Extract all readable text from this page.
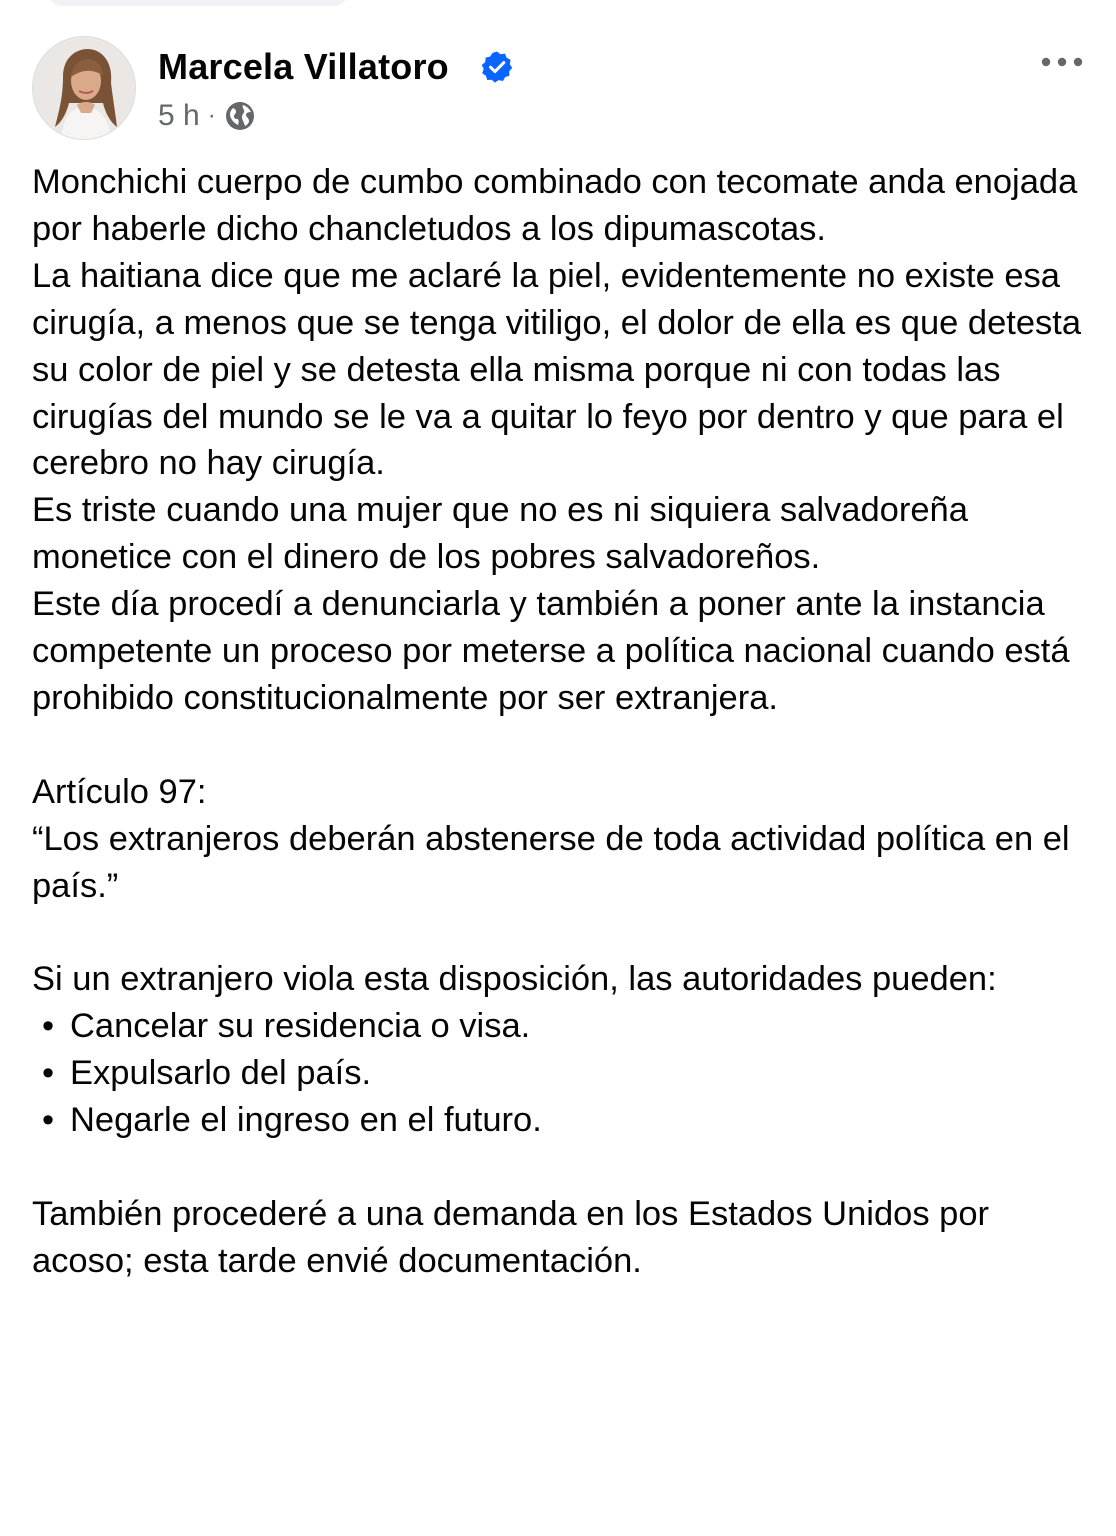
Marcela Villatoro
5 h ·

Monchichi cuerpo de cumbo combinado con tecomate anda enojada por haberle dicho chancletudos a los dipumascotas.

La haitiana dice que me aclaré la piel, evidentemente no existe esa cirugía, a menos que se tenga vitiligo, el dolor de ella es que detesta su color de piel y se detesta ella misma porque ni con todas las cirugías del mundo se le va a quitar lo feyo por dentro y que para el cerebro no hay cirugía.

Es triste cuando una mujer que no es ni siquiera salvadoreña monetice con el dinero de los pobres salvadoreños.

Este día procedí a denunciarla y también a poner ante la instancia competente un proceso por meterse a política nacional cuando está prohibido constitucionalmente por ser extranjera.

Artículo 97:

“Los extranjeros deberán abstenerse de toda actividad política en el país.”

Si un extranjero viola esta disposición, las autoridades pueden:

• Cancelar su residencia o visa.
• Expulsarlo del país.
• Negarle el ingreso en el futuro.

También procederé a una demanda en los Estados Unidos por acoso; esta tarde envié documentación.
